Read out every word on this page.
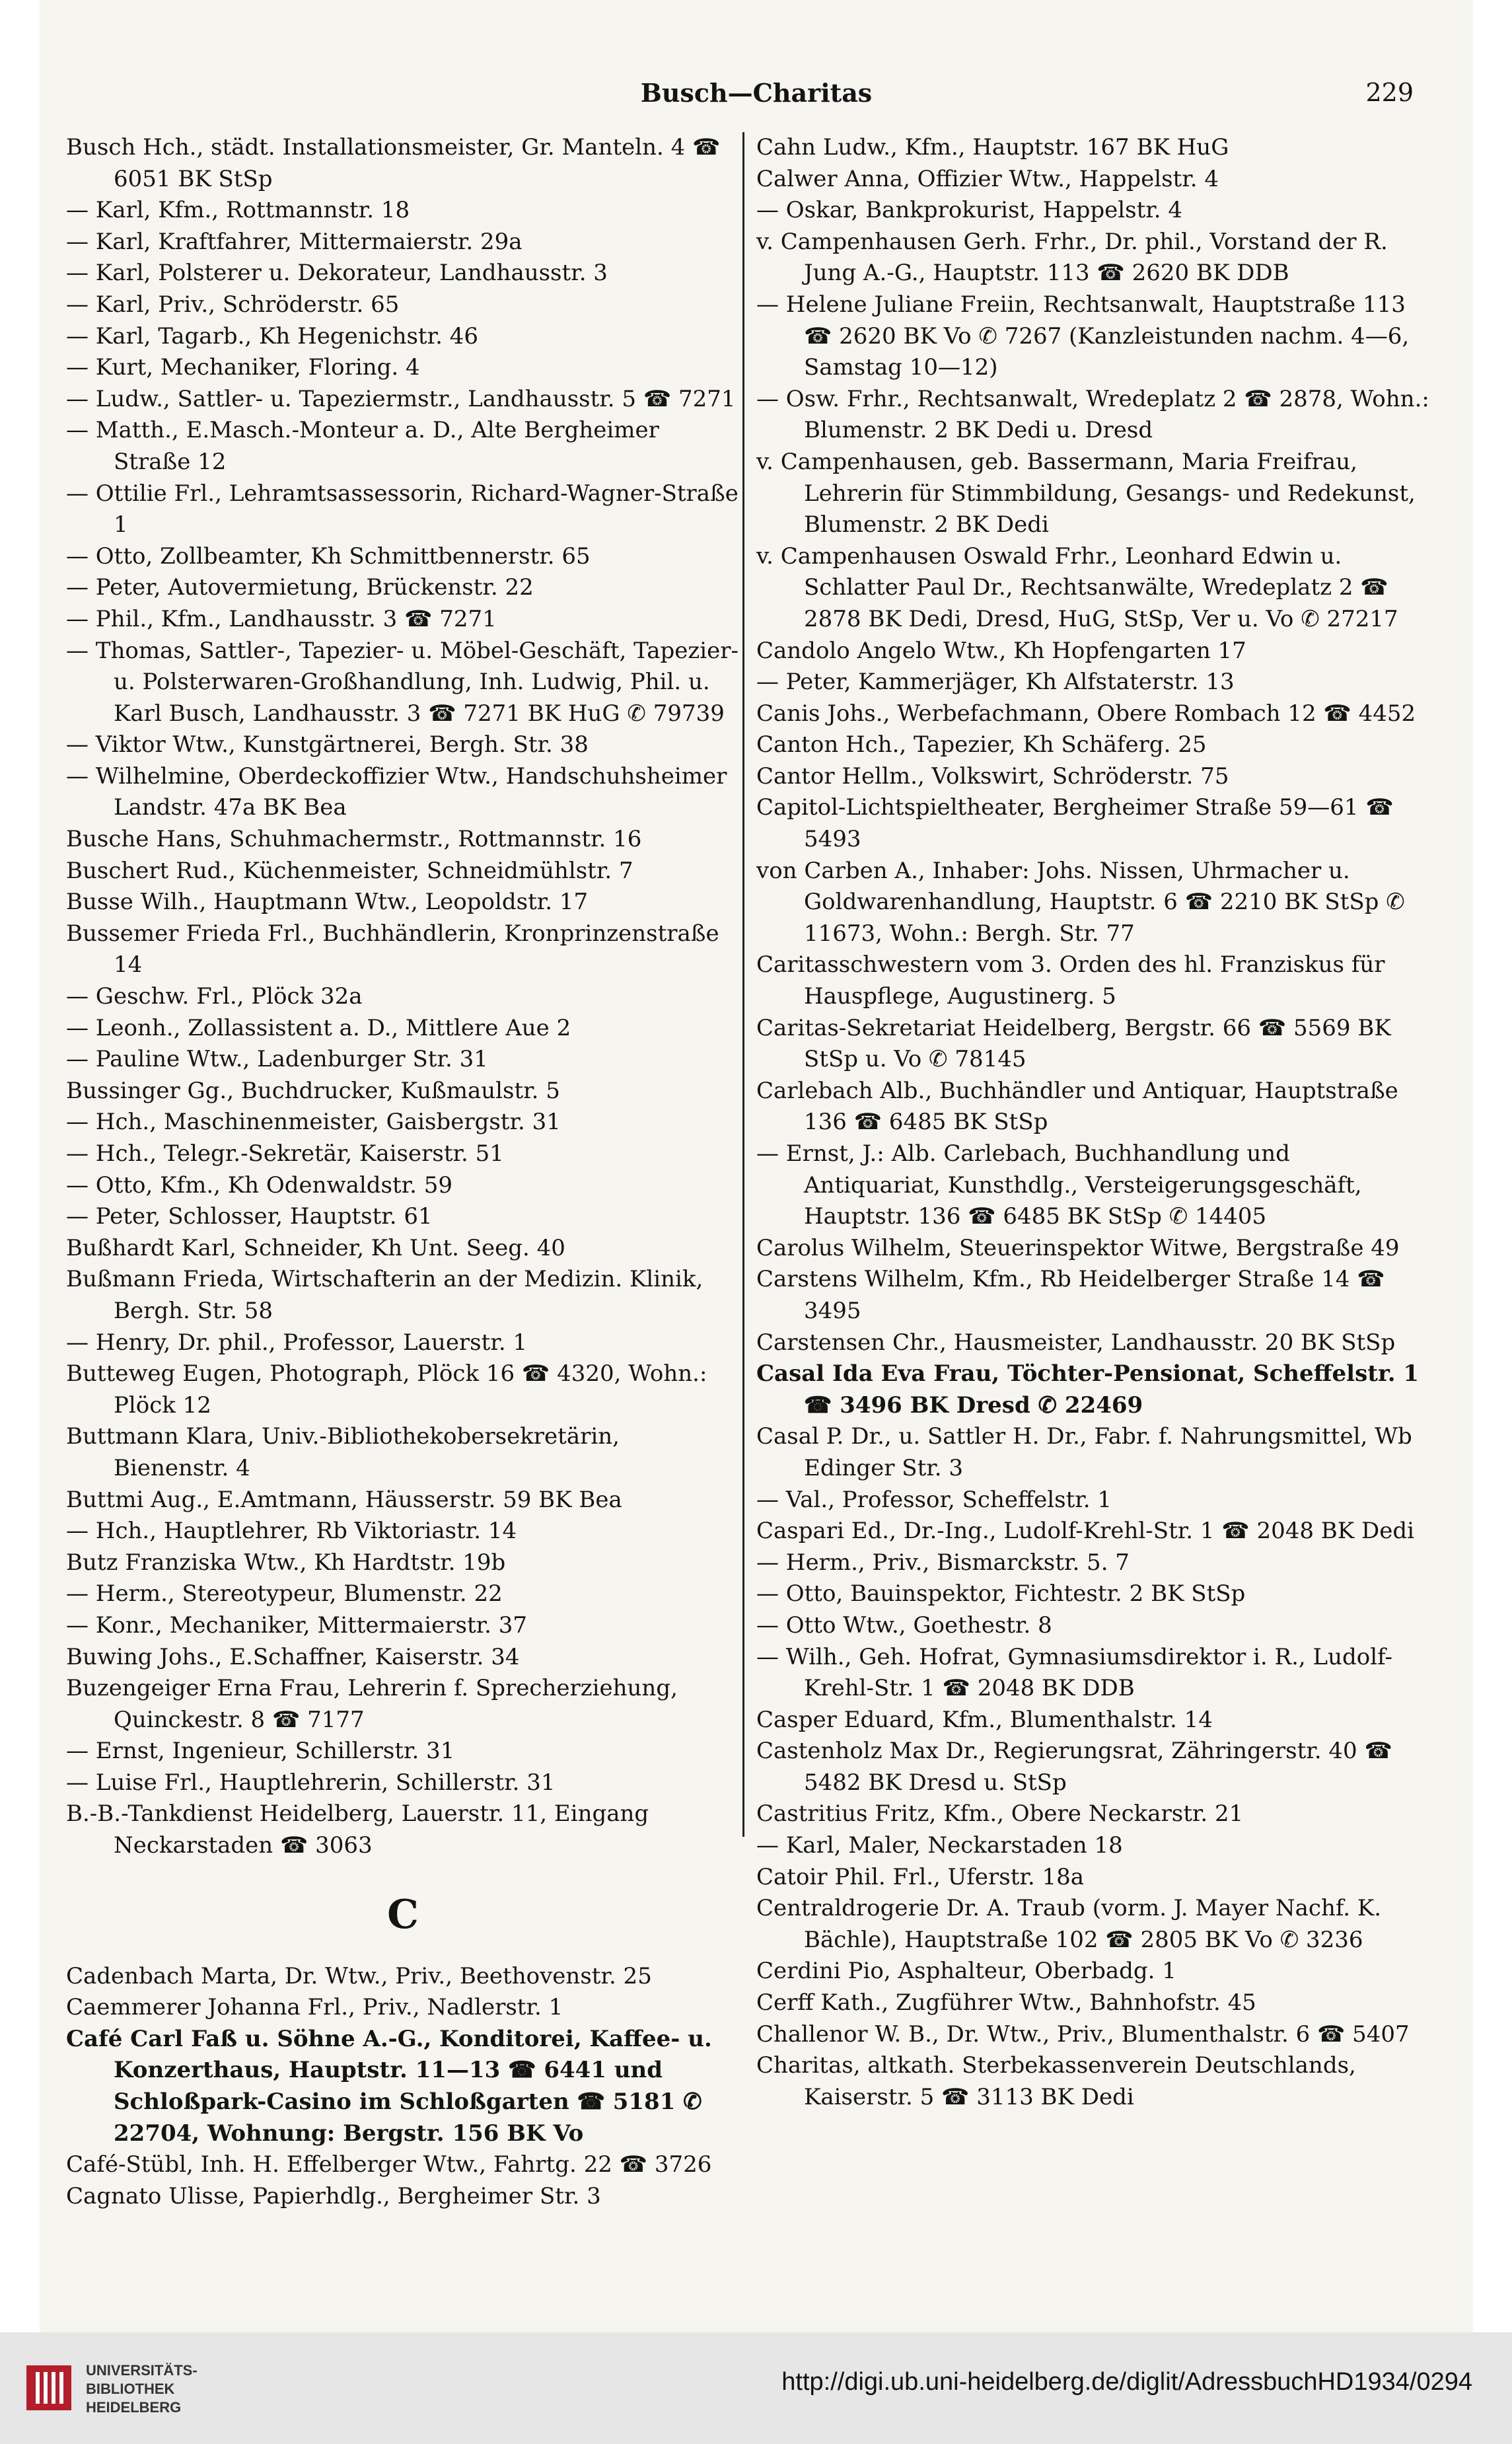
Busch—Charitas	229
Busch Hch., städt. Installationsmeister, Gr. Manteln. 4 ☎ 6051 BK StSp
— Karl, Kfm., Rottmannstr. 18
— Karl, Kraftfahrer, Mittermaierstr. 29a
— Karl, Polsterer u. Dekorateur, Landhausstr. 3
— Karl, Priv., Schröderstr. 65
— Karl, Tagarb., Kh Hegenichstr. 46
— Kurt, Mechaniker, Floring. 4
— Ludw., Sattler- u. Tapeziermstr., Landhausstr. 5 ☎ 7271
— Matth., E.Masch.-Monteur a. D., Alte Bergheimer Straße 12
— Ottilie Frl., Lehramtsassessorin, Richard-Wagner-Straße 1
— Otto, Zollbeamter, Kh Schmittbennerstr. 65
— Peter, Autovermietung, Brückenstr. 22
— Phil., Kfm., Landhausstr. 3 ☎ 7271
— Thomas, Sattler-, Tapezier- u. Möbel-Geschäft, Tapezier- u. Polsterwaren-Großhandlung, Inh. Ludwig, Phil. u. Karl Busch, Landhausstr. 3 ☎ 7271 BK HuG ✆ 79739
— Viktor Wtw., Kunstgärtnerei, Bergh. Str. 38
— Wilhelmine, Oberdeckoffizier Wtw., Handschuhsheimer Landstr. 47a BK Bea
Busche Hans, Schuhmachermstr., Rottmannstr. 16
Buschert Rud., Küchenmeister, Schneidmühlstr. 7
Busse Wilh., Hauptmann Wtw., Leopoldstr. 17
Bussemer Frieda Frl., Buchhändlerin, Kronprinzenstraße 14
— Geschw. Frl., Plöck 32a
— Leonh., Zollassistent a. D., Mittlere Aue 2
— Pauline Wtw., Ladenburger Str. 31
Bussinger Gg., Buchdrucker, Kußmaulstr. 5
— Hch., Maschinenmeister, Gaisbergstr. 31
— Hch., Telegr.-Sekretär, Kaiserstr. 51
— Otto, Kfm., Kh Odenwaldstr. 59
— Peter, Schlosser, Hauptstr. 61
Bußhardt Karl, Schneider, Kh Unt. Seeg. 40
Bußmann Frieda, Wirtschafterin an der Medizin. Klinik, Bergh. Str. 58
— Henry, Dr. phil., Professor, Lauerstr. 1
Butteweg Eugen, Photograph, Plöck 16 ☎ 4320, Wohn.: Plöck 12
Buttmann Klara, Univ.-Bibliothekobersekretärin, Bienenstr. 4
Buttmi Aug., E.Amtmann, Häusserstr. 59 BK Bea
— Hch., Hauptlehrer, Rb Viktoriastr. 14
Butz Franziska Wtw., Kh Hardtstr. 19b
— Herm., Stereotypeur, Blumenstr. 22
— Konr., Mechaniker, Mittermaierstr. 37
Buwing Johs., E.Schaffner, Kaiserstr. 34
Buzengeiger Erna Frau, Lehrerin f. Sprecherziehung, Quinckestr. 8 ☎ 7177
— Ernst, Ingenieur, Schillerstr. 31
— Luise Frl., Hauptlehrerin, Schillerstr. 31
B.-B.-Tankdienst Heidelberg, Lauerstr. 11, Eingang Neckarstaden ☎ 3063
C
Cadenbach Marta, Dr. Wtw., Priv., Beethovenstr. 25
Caemmerer Johanna Frl., Priv., Nadlerstr. 1
Café Carl Faß u. Söhne A.-G., Konditorei, Kaffee- u. Konzerthaus, Hauptstr. 11—13 ☎ 6441 und Schloßpark-Casino im Schloßgarten ☎ 5181 ✆ 22704, Wohnung: Bergstr. 156 BK Vo
Café-Stübl, Inh. H. Effelberger Wtw., Fahrtg. 22 ☎ 3726
Cagnato Ulisse, Papierhdlg., Bergheimer Str. 3
Cahn Ludw., Kfm., Hauptstr. 167 BK HuG
Calwer Anna, Offizier Wtw., Happelstr. 4
— Oskar, Bankprokurist, Happelstr. 4
v. Campenhausen Gerh. Frhr., Dr. phil., Vorstand der R. Jung A.-G., Hauptstr. 113 ☎ 2620 BK DDB
— Helene Juliane Freiin, Rechtsanwalt, Hauptstraße 113 ☎ 2620 BK Vo ✆ 7267 (Kanzleistunden nachm. 4—6, Samstag 10—12)
— Osw. Frhr., Rechtsanwalt, Wredeplatz 2 ☎ 2878, Wohn.: Blumenstr. 2 BK Dedi u. Dresd
v. Campenhausen, geb. Bassermann, Maria Freifrau, Lehrerin für Stimmbildung, Gesangs- und Redekunst, Blumenstr. 2 BK Dedi
v. Campenhausen Oswald Frhr., Leonhard Edwin u. Schlatter Paul Dr., Rechtsanwälte, Wredeplatz 2 ☎ 2878 BK Dedi, Dresd, HuG, StSp, Ver u. Vo ✆ 27217
Candolo Angelo Wtw., Kh Hopfengarten 17
— Peter, Kammerjäger, Kh Alfstaterstr. 13
Canis Johs., Werbefachmann, Obere Rombach 12 ☎ 4452
Canton Hch., Tapezier, Kh Schäferg. 25
Cantor Hellm., Volkswirt, Schröderstr. 75
Capitol-Lichtspieltheater, Bergheimer Straße 59—61 ☎ 5493
von Carben A., Inhaber: Johs. Nissen, Uhrmacher u. Goldwarenhandlung, Hauptstr. 6 ☎ 2210 BK StSp ✆ 11673, Wohn.: Bergh. Str. 77
Caritasschwestern vom 3. Orden des hl. Franziskus für Hauspflege, Augustinerg. 5
Caritas-Sekretariat Heidelberg, Bergstr. 66 ☎ 5569 BK StSp u. Vo ✆ 78145
Carlebach Alb., Buchhändler und Antiquar, Hauptstraße 136 ☎ 6485 BK StSp
— Ernst, J.: Alb. Carlebach, Buchhandlung und Antiquariat, Kunsthdlg., Versteigerungsgeschäft, Hauptstr. 136 ☎ 6485 BK StSp ✆ 14405
Carolus Wilhelm, Steuerinspektor Witwe, Bergstraße 49
Carstens Wilhelm, Kfm., Rb Heidelberger Straße 14 ☎ 3495
Carstensen Chr., Hausmeister, Landhausstr. 20 BK StSp
Casal Ida Eva Frau, Töchter-Pensionat, Scheffelstr. 1 ☎ 3496 BK Dresd ✆ 22469
Casal P. Dr., u. Sattler H. Dr., Fabr. f. Nahrungsmittel, Wb Edinger Str. 3
— Val., Professor, Scheffelstr. 1
Caspari Ed., Dr.-Ing., Ludolf-Krehl-Str. 1 ☎ 2048 BK Dedi
— Herm., Priv., Bismarckstr. 5. 7
— Otto, Bauinspektor, Fichtestr. 2 BK StSp
— Otto Wtw., Goethestr. 8
— Wilh., Geh. Hofrat, Gymnasiumsdirektor i. R., Ludolf-Krehl-Str. 1 ☎ 2048 BK DDB
Casper Eduard, Kfm., Blumenthalstr. 14
Castenholz Max Dr., Regierungsrat, Zähringerstr. 40 ☎ 5482 BK Dresd u. StSp
Castritius Fritz, Kfm., Obere Neckarstr. 21
— Karl, Maler, Neckarstaden 18
Catoir Phil. Frl., Uferstr. 18a
Centraldrogerie Dr. A. Traub (vorm. J. Mayer Nachf. K. Bächle), Hauptstraße 102 ☎ 2805 BK Vo ✆ 3236
Cerdini Pio, Asphalteur, Oberbadg. 1
Cerff Kath., Zugführer Wtw., Bahnhofstr. 45
Challenor W. B., Dr. Wtw., Priv., Blumenthalstr. 6 ☎ 5407
Charitas, altkath. Sterbekassenverein Deutschlands, Kaiserstr. 5 ☎ 3113 BK Dedi
UNIVERSITÄTS-
BIBLIOTHEK
HEIDELBERG
http://digi.ub.uni-heidelberg.de/diglit/AdressbuchHD1934/0294
